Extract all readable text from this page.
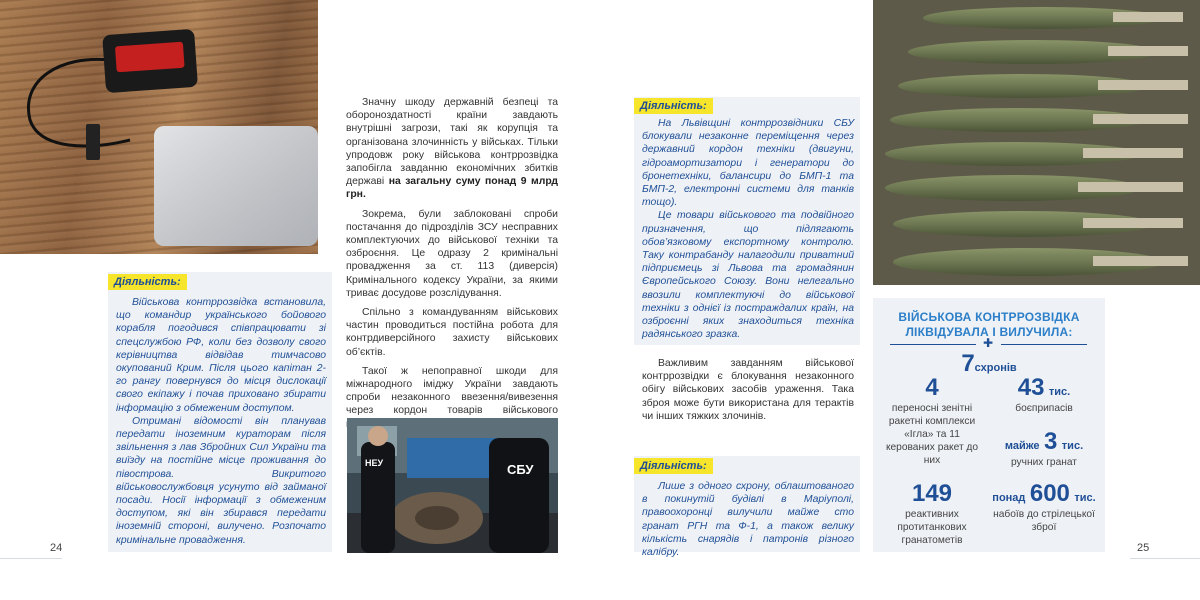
Значну шкоду державній безпеці та обороноздатності країни завдають внутрішні загрози, такі як корупція та організована злочинність у військах. Тільки упродовж року військова контррозвідка запобігла завданню економічних збитків державі на загальну суму понад 9 млрд грн.

Зокрема, були заблоковані спроби постачання до підрозділів ЗСУ несправних комплектуючих до військової техніки та озброєння. Це одразу 2 кримінальні провадження за ст. 113 (диверсія) Кримінального кодексу України, за якими триває досудове розслідування.

Спільно з командуванням військових частин проводиться постійна робота для контрдиверсійного захисту військових об’єктів.

Такої ж непоправної шкоди для міжнародного іміджу України завдають спроби незаконного ввезення/вивезення через кордон товарів військового

Діяльність:

Військова контррозвідка встановила, що командир українського бойового корабля погодився співпрацювати зі спецслужбою РФ, коли без дозволу свого керівництва відвідав тимчасово окупований Крим. Після цього капітан 2-го рангу повернувся до місця дислокації свого екіпажу і почав приховано збирати інформацію з обмеженим доступом.

Отримані відомості він планував передати іноземним кураторам після звільнення з лав Збройних Сил України та виїзду на постійне місце проживання до півострова. Викритого військовослужбовця усунуто від займаної посади. Носії інформації з обмеженим доступом, які він збирався передати іноземній стороні, вилучено. Розпочато кримінальне провадження.

НЕУ	СБУ
24
Діяльність:

На Львівщині контррозвідники СБУ блокували незаконне переміщення через державний кордон техніки (двигуни, гідроамортизатори і генератори до бронетехніки, балансири до БМП-1 та БМП-2, електронні системи для танків тощо).

Це товари військового та подвійного призначення, що підлягають обов’язковому експортному контролю. Таку контрабанду налагодили приватний підприємець зі Львова та громадянин Європейського Союзу. Вони нелегально ввозили комплектуючі до військової техніки з однієї із постраждалих країн, на озброєнні яких знаходиться техніка радянського зразка.

Важливим завданням військової контррозвідки є блокування незаконного обігу військових засобів ураження. Така зброя може бути використана для терактів чи інших тяжких злочинів.

Діяльність:

Лише з одного схрону, облаштованого в покинутій будівлі в Маріуполі, правоохоронці вилучили майже сто гранат РГН та Ф-1, а також велику кількість снарядів і патронів різного калібру.

ВІЙСЬКОВА КОНТРРОЗВІДКА ЛІКВІДУВАЛА І ВИЛУЧИЛА:
✚
7схронів
4
переносні зенітні ракетні комплекси «Ігла» та 11 керованих ракет до них
43 тис.
боєприпасів
майже 3 тис.
ручних гранат
149
реактивних протитанкових гранатометів
понад 600 тис.
набоїв до стрілецької зброї
25
